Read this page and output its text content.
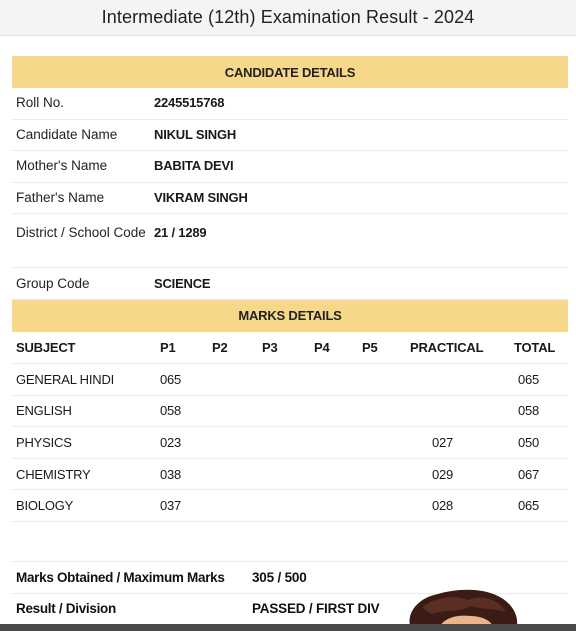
Intermediate (12th) Examination Result - 2024
CANDIDATE DETAILS
Roll No.	2245515768
Candidate Name	NIKUL SINGH
Mother's Name	BABITA DEVI
Father's Name	VIKRAM SINGH
District / School Code 21 / 1289
Group Code	SCIENCE
MARKS DETAILS
SUBJECT	P1	P2	P3	P4	P5	PRACTICAL	TOTAL
GENERAL HINDI	065						065
ENGLISH	058						058
PHYSICS	023					027	050
CHEMISTRY	038					029	067
BIOLOGY	037					028	065
Marks Obtained / Maximum Marks	305 / 500
Result / Division	PASSED / FIRST DIV
